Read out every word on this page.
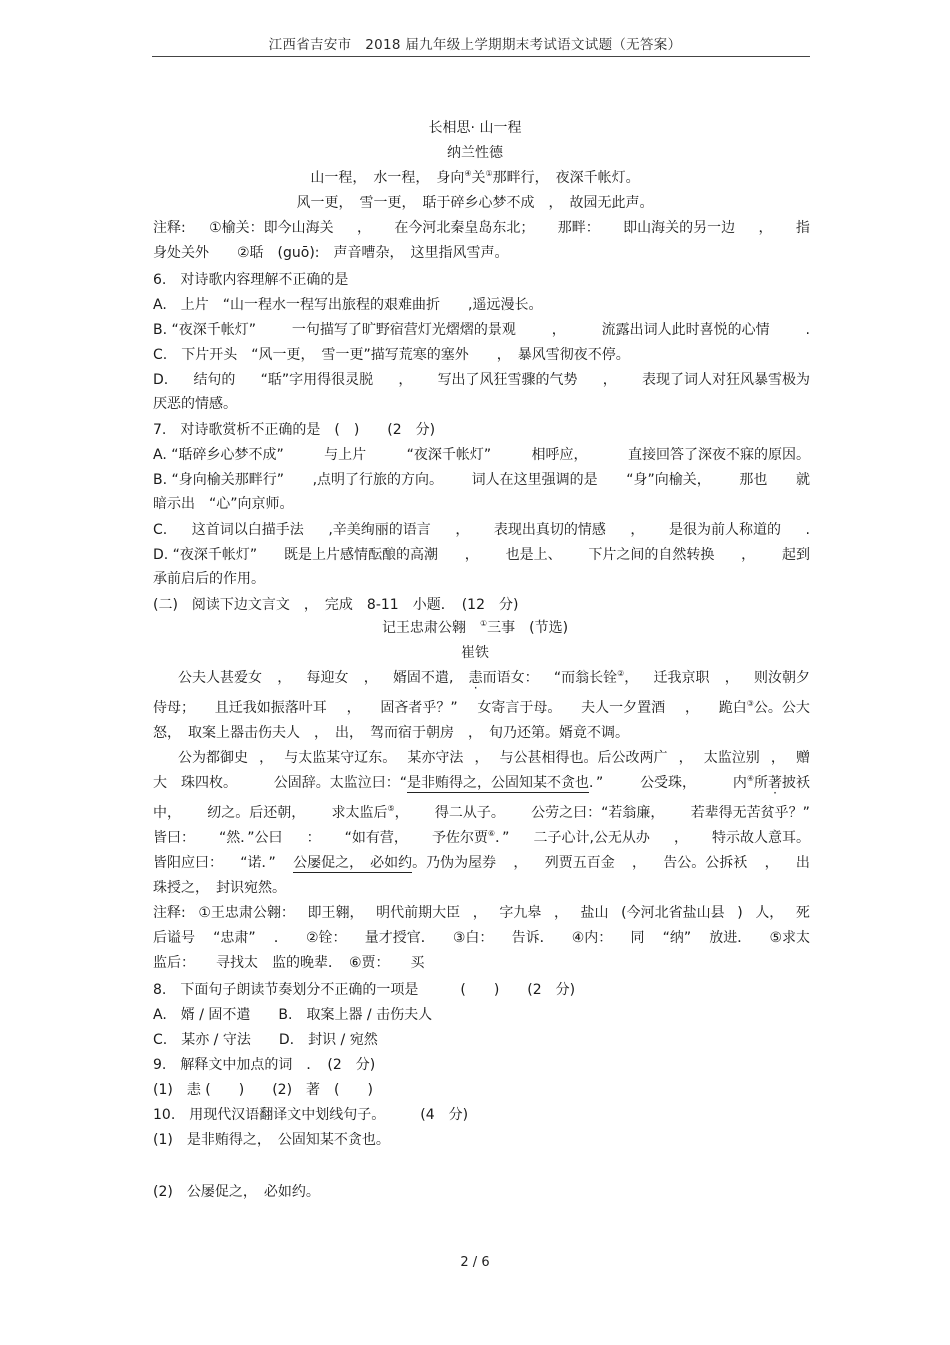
江西省吉安市　2018 届九年级上学期期末考试语文试题（无答案）
长相思· 山一程
纳兰性德
山一程，　 水一程，　 身向④关①那畔行，　 夜深千帐灯。
风一更，　 雪一更，　 聒于碎乡心梦不成　 ，　 故园无此声。
注释: ①榆关：即今山海关 ， 在今河北秦皇岛东北； 那畔： 即山海关的另一边 ， 指
身处关外　　②聒　(guō):　声音嘈杂，　这里指风雪声。
6.　对诗歌内容理解不正确的是
A.　上片　“山一程水一程写出旅程的艰难曲折　　,遥远漫长。
B. “夜深千帐灯”	一句描写了旷野宿营灯光熠熠的景观	，	流露出词人此时喜悦的心情	.
C.　下片开头　“风一更，　雪一更”描写荒寒的塞外　　，　暴风雪彻夜不停。
D. 结句的 “聒”字用得很灵脱 ， 写出了风狂雪骤的气势 ， 表现了词人对狂风暴雪极为
厌恶的情感。
7.　对诗歌赏析不正确的是　(　)　　(2　分)
A. “聒碎乡心梦不成”	与上片	“夜深千帐灯”	相呼应，	直接回答了深夜不寐的原因。
B. “身向榆关那畔行” ,点明了行旅的方向。 词人在这里强调的是 “身”向榆关， 那也 就
暗示出　“心”向京师。
C. 这首词以白描手法 ,辛美绚丽的语言 ， 表现出真切的情感 ， 是很为前人称道的 .
D. “夜深千帐灯” 既是上片感情酝酿的高潮 ， 也是上、 下片之间的自然转换 ， 起到
承前启后的作用。
(二)　阅读下边文言文　，　完成　8-11　小题．　(12　分)
记王忠肃公翱　 ①三事　(节选)
崔铁
公夫人甚爱女 ， 每迎女 ， 婿固不遣, 恚而语女： “而翁长铨②， 迁我京职 ， 则汝朝夕
侍母； 且迁我如振落叶耳 ， 固吝者乎？” 女寄言于母。 夫人一夕置酒 ， 跪白③公。公大
怒，　 取案上器击伤夫人　 ，　 出，　 驾而宿于朝房　 ，　 旬乃还第。婿竟不调。
公为都御史 ， 与太监某守辽东。 某亦守法 ， 与公甚相得也。后公改两广 ， 太监泣别 ， 赠
大　珠四枚。	公固辞。太监泣曰：“是非贿得之，公固知某不贪也．”	公受珠，	内④所著披袄
中， 纫之。后还朝， 求太监后⑤， 得二从子。 公劳之曰：“若翁廉， 若辈得无苦贫乎？”
皆曰： “然．”公曰 ： “如有营， 予佐尔贾⑥．” 二子心计,公无从办 ， 特示故人意耳。
皆阳应曰： “诺．” 公屡促之，　必如约。乃伪为屋券 ， 列贾五百金 ， 告公。公拆袄 ， 出
珠授之，　封识宛然。
注释: ①王忠肃公翱： 即王翱， 明代前期大臣 ， 字九皋 ， 盐山 (今河北省盐山县 ) 人， 死
后谥号 “忠肃” ． ②铨： 量才授官． ③白： 告诉． ④内： 同 “纳” 放进． ⑤求太
监后：　　寻找太　监的晚辈．　⑥贾：　　买
8.　下面句子朗读节奏划分不正确的一项是　　　(　　)　　(2　分)
A.　婿 / 固不遣　　B.　取案上器 / 击伤夫人
C.　某亦 / 守法　　D.　封识 / 宛然
9.　解释文中加点的词　．　(2　分)
(1)　恚 (　　)　　(2)　著　(　　)
10.　用现代汉语翻译文中划线句子。　　　(4　分)
(1)　是非贿得之，　公固知某不贪也。
(2)　公屡促之，　必如约。
2 / 6
